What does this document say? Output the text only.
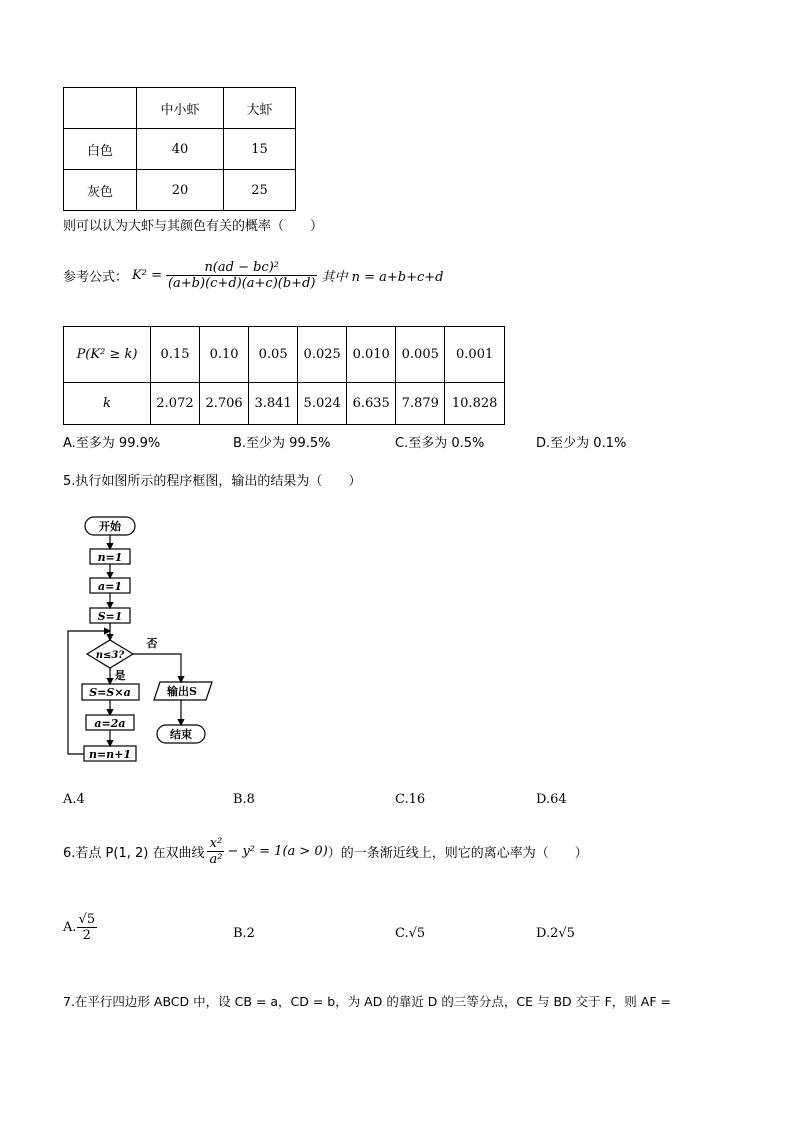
	中小虾	大虾
白色	40	15
灰色	20	25
则可以认为大虾与其颜色有关的概率（　　）
参考公式： $K^2 = \frac{\text{n(ad − bc)²}}{(a+b)(c+d)(a+c)(b+d)}$ 其中 n = a+b+c+d
P(K² ≥ k)	0.15	0.10	0.05	0.025	0.010	0.005	0.001
k	2.072	2.706	3.841	5.024	6.635	7.879	10.828
A.至多为 99.9%	B.至少为 99.5%	C.至多为 0.5%	D.至少为 0.1%
5.执行如图所示的程序框图，输出的结果为（　　）
开始
n=1
a=1
S=1
n≤3?
否
是
S=S×a
a=2a
n=n+1
输出S
结束
A.4	B.8	C.16	D.64
6.若点 P(1, 2) 在双曲线 $\frac{\text{x²}}{\text{a²}} - y^2 = 1(a > 0)$ ）的一条渐近线上，则它的离心率为（　　）
A. $\frac{√5}{2}$	B.2	C.√5	D.2√5
7.在平行四边形 ABCD 中，设 CB = a，CD = b，为 AD 的靠近 D 的三等分点，CE 与 BD 交于 F，则 AF =
